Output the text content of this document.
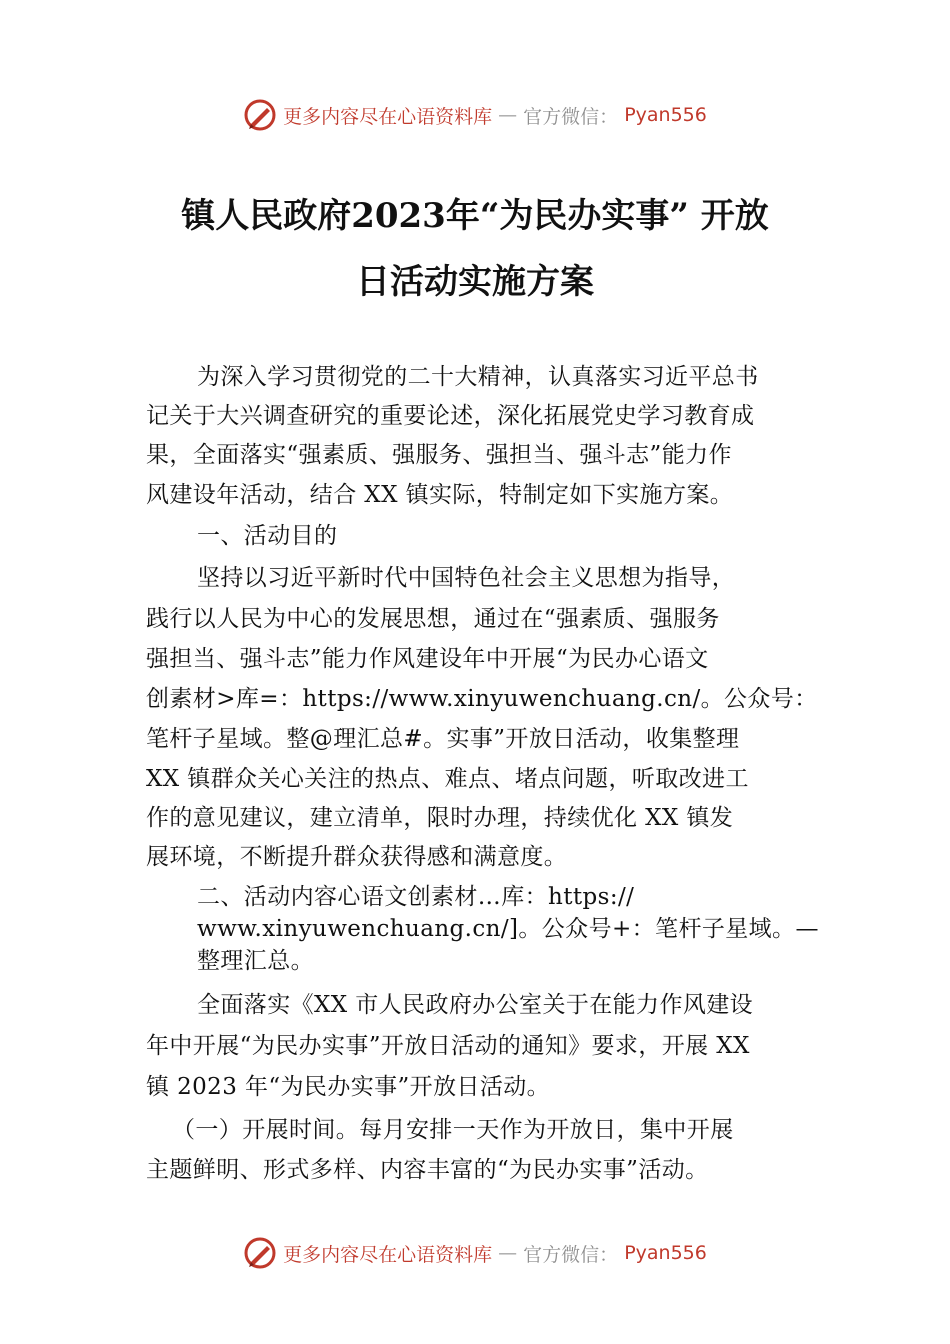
更多内容尽在心语资料库 — 官方微信： Pyan556
镇人民政府2023年“为民办实事” 开放
日活动实施方案
为深入学习贯彻党的二十大精神，认真落实习近平总书
记关于大兴调查研究的重要论述，深化拓展党史学习教育成
果，全面落实“强素质、强服务、强担当、强斗志”能力作
风建设年活动，结合 XX 镇实际，特制定如下实施方案。
一、活动目的
坚持以习近平新时代中国特色社会主义思想为指导，
践行以人民为中心的发展思想，通过在“强素质、强服务
强担当、强斗志”能力作风建设年中开展“为民办心语文
创素材>库=：https://www.xinyuwenchuang.cn/。公众号：
笔杆子星域。整@理汇总#。实事”开放日活动，收集整理
XX 镇群众关心关注的热点、难点、堵点问题，听取改进工
作的意见建议，建立清单，限时办理，持续优化 XX 镇发
展环境，不断提升群众获得感和满意度。
二、活动内容心语文创素材…库：https://
www.xinyuwenchuang.cn/]。公众号+：笔杆子星域。—
整理汇总。
全面落实《XX 市人民政府办公室关于在能力作风建设
年中开展“为民办实事”开放日活动的通知》要求，开展 XX
镇 2023 年“为民办实事”开放日活动。
（一）开展时间。每月安排一天作为开放日，集中开展
主题鲜明、形式多样、内容丰富的“为民办实事”活动。
更多内容尽在心语资料库 — 官方微信： Pyan556
